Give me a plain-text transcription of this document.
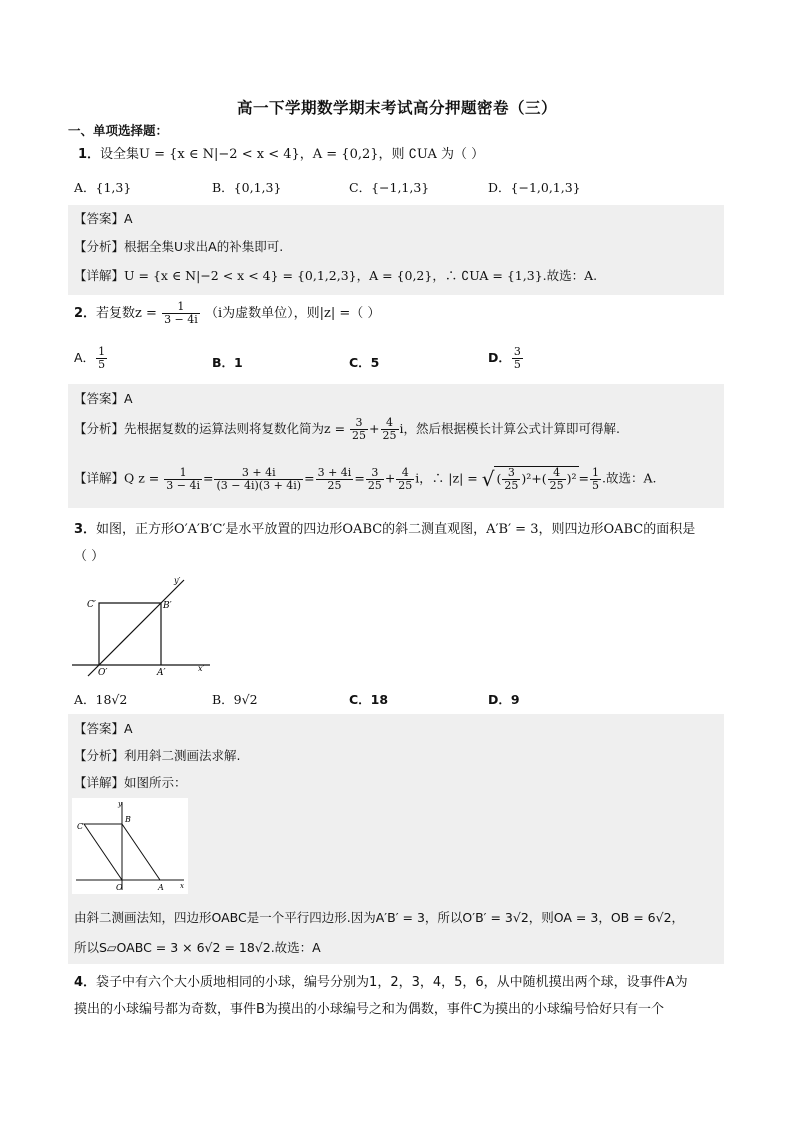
高一下学期数学期末考试高分押题密卷（三）
一、单项选择题：
1．设全集U = {x ∈ N|−2 < x < 4}，A = {0,2}，则 ∁UA 为（ ）
A．{1,3}	B．{0,1,3}	C．{−1,1,3}	D．{−1,0,1,3}
【答案】A
【分析】根据全集U求出A的补集即可.
【详解】U = {x ∈ N|−2 < x < 4} = {0,1,2,3}，A = {0,2}，∴ ∁UA = {1,3}.故选：A.
2．若复数$z = \frac{1}{3 - 4i} (i$为虚数单位），则|z| =（ ）
A． $\frac{1}{5}$	B．1	C．5	D． $\frac{3}{5}$
【答案】A
【分析】先根据复数的运算法则将复数化简为$z = \frac{3}{25} + \frac{4}{25}$ i，然后根据模长计算公式计算即可得解.
【详解】Q $z = \frac{1}{3 - 4i} = \frac{3 + 4i}{(3 - 4i)(3 + 4i)} = \frac{3 + 4i}{25} = \frac{3}{25} + \frac{4}{25}$ i，∴ |z| = √ ( $\frac{3}{25} )^2+( \frac{4}{25} )^2 = \frac{1}{5}$ .故选：A.
3．如图，正方形O′A′B′C′是水平放置的四边形OABC的斜二测直观图，A′B′ = 3，则四边形OABC的面积是
（ ）
C′	B′
O′	A′	x′
y′
A．18√2	B．9√2	C．18	D．9
【答案】A
【分析】利用斜二测画法求解.
【详解】如图所示：
C
B
O	A x
y
由斜二测画法知，四边形OABC是一个平行四边形.因为A′B′ = 3，所以O′B′ = 3√2，则OA = 3，OB = 6√2，
所以S▱OABC = 3 × 6√2 = 18√2.故选：A
4．袋子中有六个大小质地相同的小球，编号分别为1，2，3，4，5，6，从中随机摸出两个球，设事件A为
摸出的小球编号都为奇数，事件B为摸出的小球编号之和为偶数，事件C为摸出的小球编号恰好只有一个
